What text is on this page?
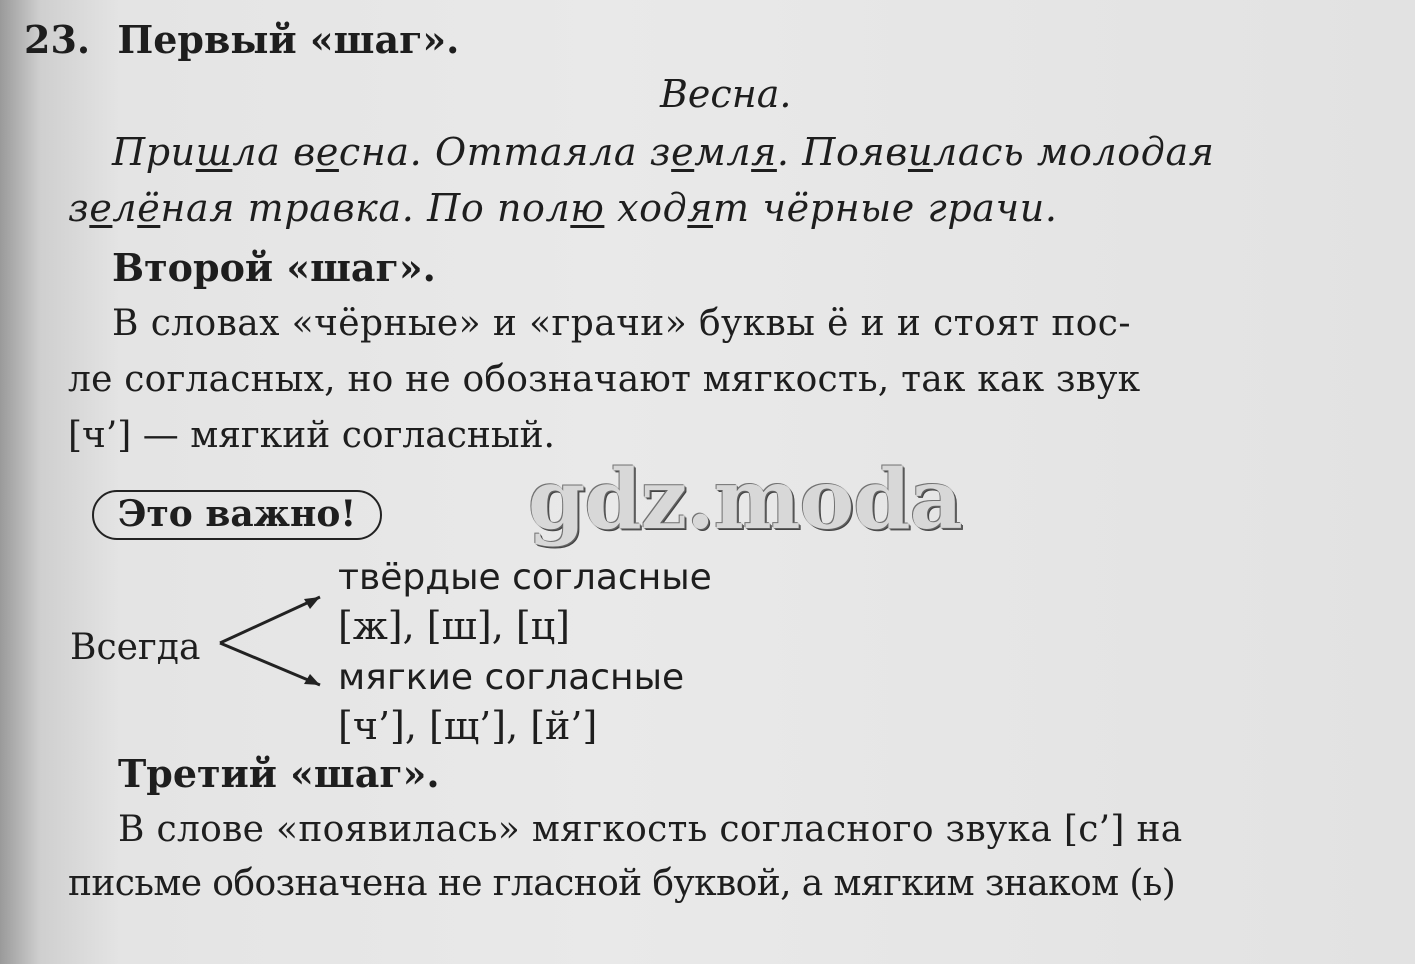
23. Первый «шаг».
Весна.
Пришла весна. Оттаяла земля. Появилась молодая
зелёная травка. По полю ходят чёрные грачи.
Второй «шаг».
В словах «чёрные» и «грачи» буквы ё и и стоят пос-
ле согласных, но не обозначают мягкость, так как звук
[ч’] — мягкий согласный.
Это важно!	gdz.moda
твёрдые согласные
[ж], [ш], [ц]
Всегда
мягкие согласные
[ч’], [щ’], [й’]
Третий «шаг».
В слове «появилась» мягкость согласного звука [с’] на
письме обозначена не гласной буквой, а мягким знаком (ь)
